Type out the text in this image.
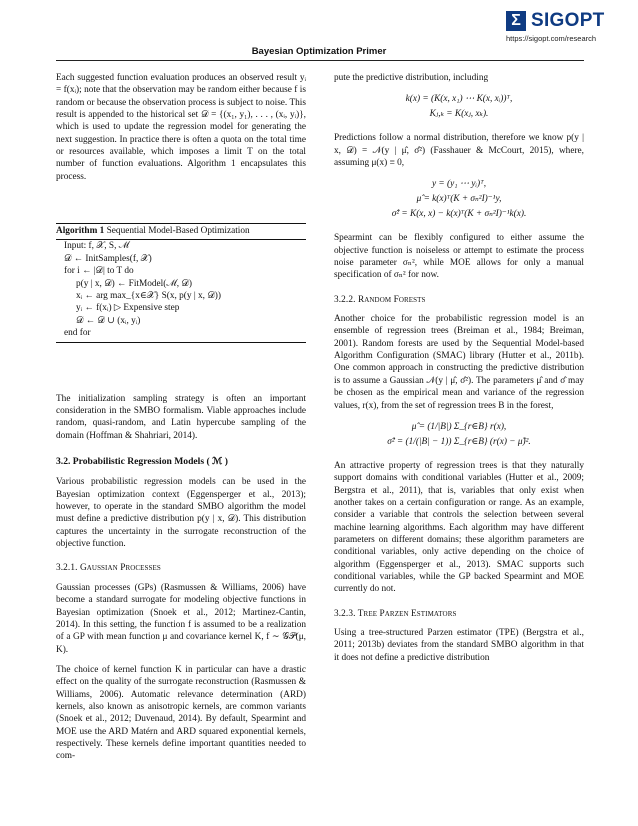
Σ SIGOPT
https://sigopt.com/research
Bayesian Optimization Primer

Each suggested function evaluation produces an observed result yᵢ = f(xᵢ); note that the observation may be random either because f is random or because the observation process is subject to noise. This result is appended to the historical set 𝒟 = {(x₁, y₁), . . . , (xᵢ, yᵢ)}, which is used to update the regression model for generating the next suggestion. In practice there is often a quota on the total time or resources available, which imposes a limit T on the total number of function evaluations. Algorithm 1 encapsulates this process.

Algorithm 1 Sequential Model-Based Optimization
Input: f, 𝒳, S, ℳ
𝒟 ← InitSamples(f, 𝒳)
for i ← |𝒟| to T do
p(y | x, 𝒟) ← FitModel(ℳ, 𝒟)
xᵢ ← arg max_{x∈𝒳} S(x, p(y | x, 𝒟))
yᵢ ← f(xᵢ) ▷ Expensive step
𝒟 ← 𝒟 ∪ (xᵢ, yᵢ)
end for

The initialization sampling strategy is often an important consideration in the SMBO formalism. Viable approaches include random, quasi-random, and Latin hypercube sampling of the domain (Hoffman & Shahriari, 2014).

3.2. Probabilistic Regression Models ( ℳ )

Various probabilistic regression models can be used in the Bayesian optimization context (Eggensperger et al., 2013); however, to operate in the standard SMBO algorithm the model must define a predictive distribution p(y | x, 𝒟). This distribution captures the uncertainty in the surrogate reconstruction of the objective function.

3.2.1. Gaussian Processes

Gaussian processes (GPs) (Rasmussen & Williams, 2006) have become a standard surrogate for modeling objective functions in Bayesian optimization (Snoek et al., 2012; Martinez-Cantin, 2014). In this setting, the function f is assumed to be a realization of a GP with mean function μ and covariance kernel K, f ∼ 𝒢𝒫(μ, K).

The choice of kernel function K in particular can have a drastic effect on the quality of the surrogate reconstruction (Rasmussen & Williams, 2006). Automatic relevance determination (ARD) kernels, also known as anisotropic kernels, are common variants (Snoek et al., 2012; Duvenaud, 2014). By default, Spearmint and MOE use the ARD Matérn and ARD squared exponential kernels, respectively. These kernels define important quantities needed to com-

pute the predictive distribution, including

k(x) = (K(x, x₁) ⋯ K(x, xᵢ))ᵀ,
Kⱼ,ₖ = K(xⱼ, xₖ).

Predictions follow a normal distribution, therefore we know p(y | x, 𝒟) = 𝒩(y | μ̂, σ̂²) (Fasshauer & McCourt, 2015), where, assuming μ(x) ≡ 0,

y = (y₁ ⋯ yᵢ)ᵀ,
μ̂ = k(x)ᵀ(K + σₙ²I)⁻¹y,
σ̂² = K(x, x) − k(x)ᵀ(K + σₙ²I)⁻¹k(x).

Spearmint can be flexibly configured to either assume the objective function is noiseless or attempt to estimate the process noise parameter σₙ², while MOE allows for only a manual specification of σₙ² for now.

3.2.2. Random Forests

Another choice for the probabilistic regression model is an ensemble of regression trees (Breiman et al., 1984; Breiman, 2001). Random forests are used by the Sequential Model-based Algorithm Configuration (SMAC) library (Hutter et al., 2011b). One common approach in constructing the predictive distribution is to assume a Gaussian 𝒩(y | μ̂, σ̂²). The parameters μ̂ and σ̂ may be chosen as the empirical mean and variance of the regression values, r(x), from the set of regression trees B in the forest,

μ̂ = (1/|B|) Σ_{r∈B} r(x),
σ̂² = (1/(|B| − 1)) Σ_{r∈B} (r(x) − μ̂)².

An attractive property of regression trees is that they naturally support domains with conditional variables (Hutter et al., 2009; Bergstra et al., 2011), that is, variables that only exist when another takes on a certain configuration or range. As an example, consider a variable that controls the selection between several machine learning algorithms. Each algorithm may have different parameters on different domains; these algorithm parameters are conditional variables, only active depending on the choice of algorithm (Eggensperger et al., 2013). SMAC supports such conditional variables, while the GP backed Spearmint and MOE currently do not.

3.2.3. Tree Parzen Estimators

Using a tree-structured Parzen estimator (TPE) (Bergstra et al., 2011; 2013b) deviates from the standard SMBO algorithm in that it does not define a predictive distribution
